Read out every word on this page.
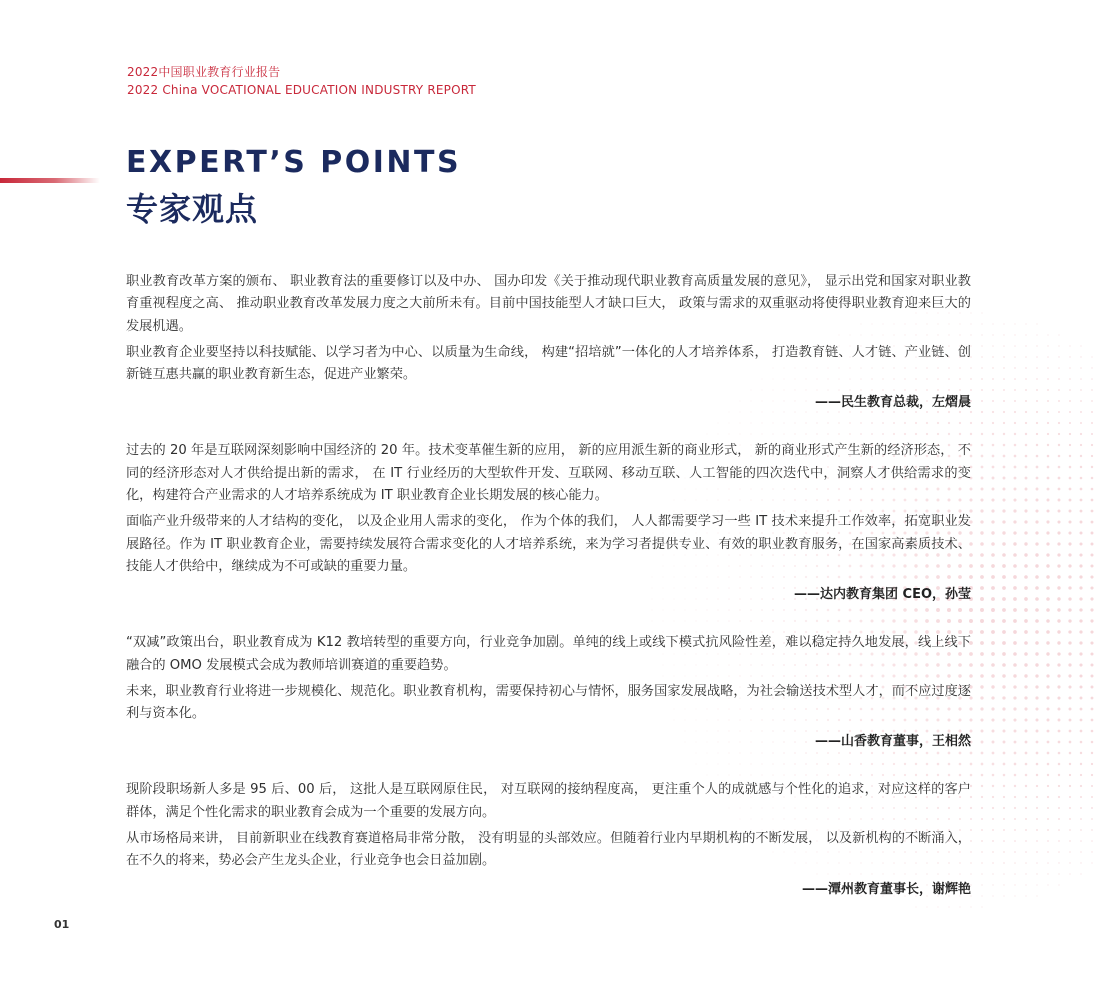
2022中国职业教育行业报告
2022 China VOCATIONAL EDUCATION INDUSTRY REPORT
EXPERT’S POINTS
专家观点

职业教育改革方案的颁布、 职业教育法的重要修订以及中办、 国办印发《关于推动现代职业教育高质量发展的意见》， 显示出党和国家对职业教育重视程度之高、 推动职业教育改革发展力度之大前所未有。目前中国技能型人才缺口巨大， 政策与需求的双重驱动将使得职业教育迎来巨大的发展机遇。

职业教育企业要坚持以科技赋能、以学习者为中心、以质量为生命线， 构建“招培就”一体化的人才培养体系， 打造教育链、人才链、产业链、创新链互惠共赢的职业教育新生态，促进产业繁荣。

——民生教育总裁，左熠晨

过去的 20 年是互联网深刻影响中国经济的 20 年。技术变革催生新的应用， 新的应用派生新的商业形式， 新的商业形式产生新的经济形态， 不同的经济形态对人才供给提出新的需求， 在 IT 行业经历的大型软件开发、互联网、移动互联、人工智能的四次迭代中，洞察人才供给需求的变化，构建符合产业需求的人才培养系统成为 IT 职业教育企业长期发展的核心能力。

面临产业升级带来的人才结构的变化， 以及企业用人需求的变化， 作为个体的我们， 人人都需要学习一些 IT 技术来提升工作效率，拓宽职业发展路径。作为 IT 职业教育企业，需要持续发展符合需求变化的人才培养系统，来为学习者提供专业、有效的职业教育服务，在国家高素质技术、技能人才供给中，继续成为不可或缺的重要力量。

——达内教育集团 CEO，孙莹

“双减”政策出台，职业教育成为 K12 教培转型的重要方向，行业竞争加剧。单纯的线上或线下模式抗风险性差，难以稳定持久地发展，线上线下融合的 OMO 发展模式会成为教师培训赛道的重要趋势。

未来，职业教育行业将进一步规模化、规范化。职业教育机构，需要保持初心与情怀，服务国家发展战略，为社会输送技术型人才，而不应过度逐利与资本化。

——山香教育董事，王相然

现阶段职场新人多是 95 后、00 后， 这批人是互联网原住民， 对互联网的接纳程度高， 更注重个人的成就感与个性化的追求，对应这样的客户群体，满足个性化需求的职业教育会成为一个重要的发展方向。

从市场格局来讲， 目前新职业在线教育赛道格局非常分散， 没有明显的头部效应。但随着行业内早期机构的不断发展， 以及新机构的不断涌入，在不久的将来，势必会产生龙头企业，行业竞争也会日益加剧。

——潭州教育董事长，谢辉艳

01
